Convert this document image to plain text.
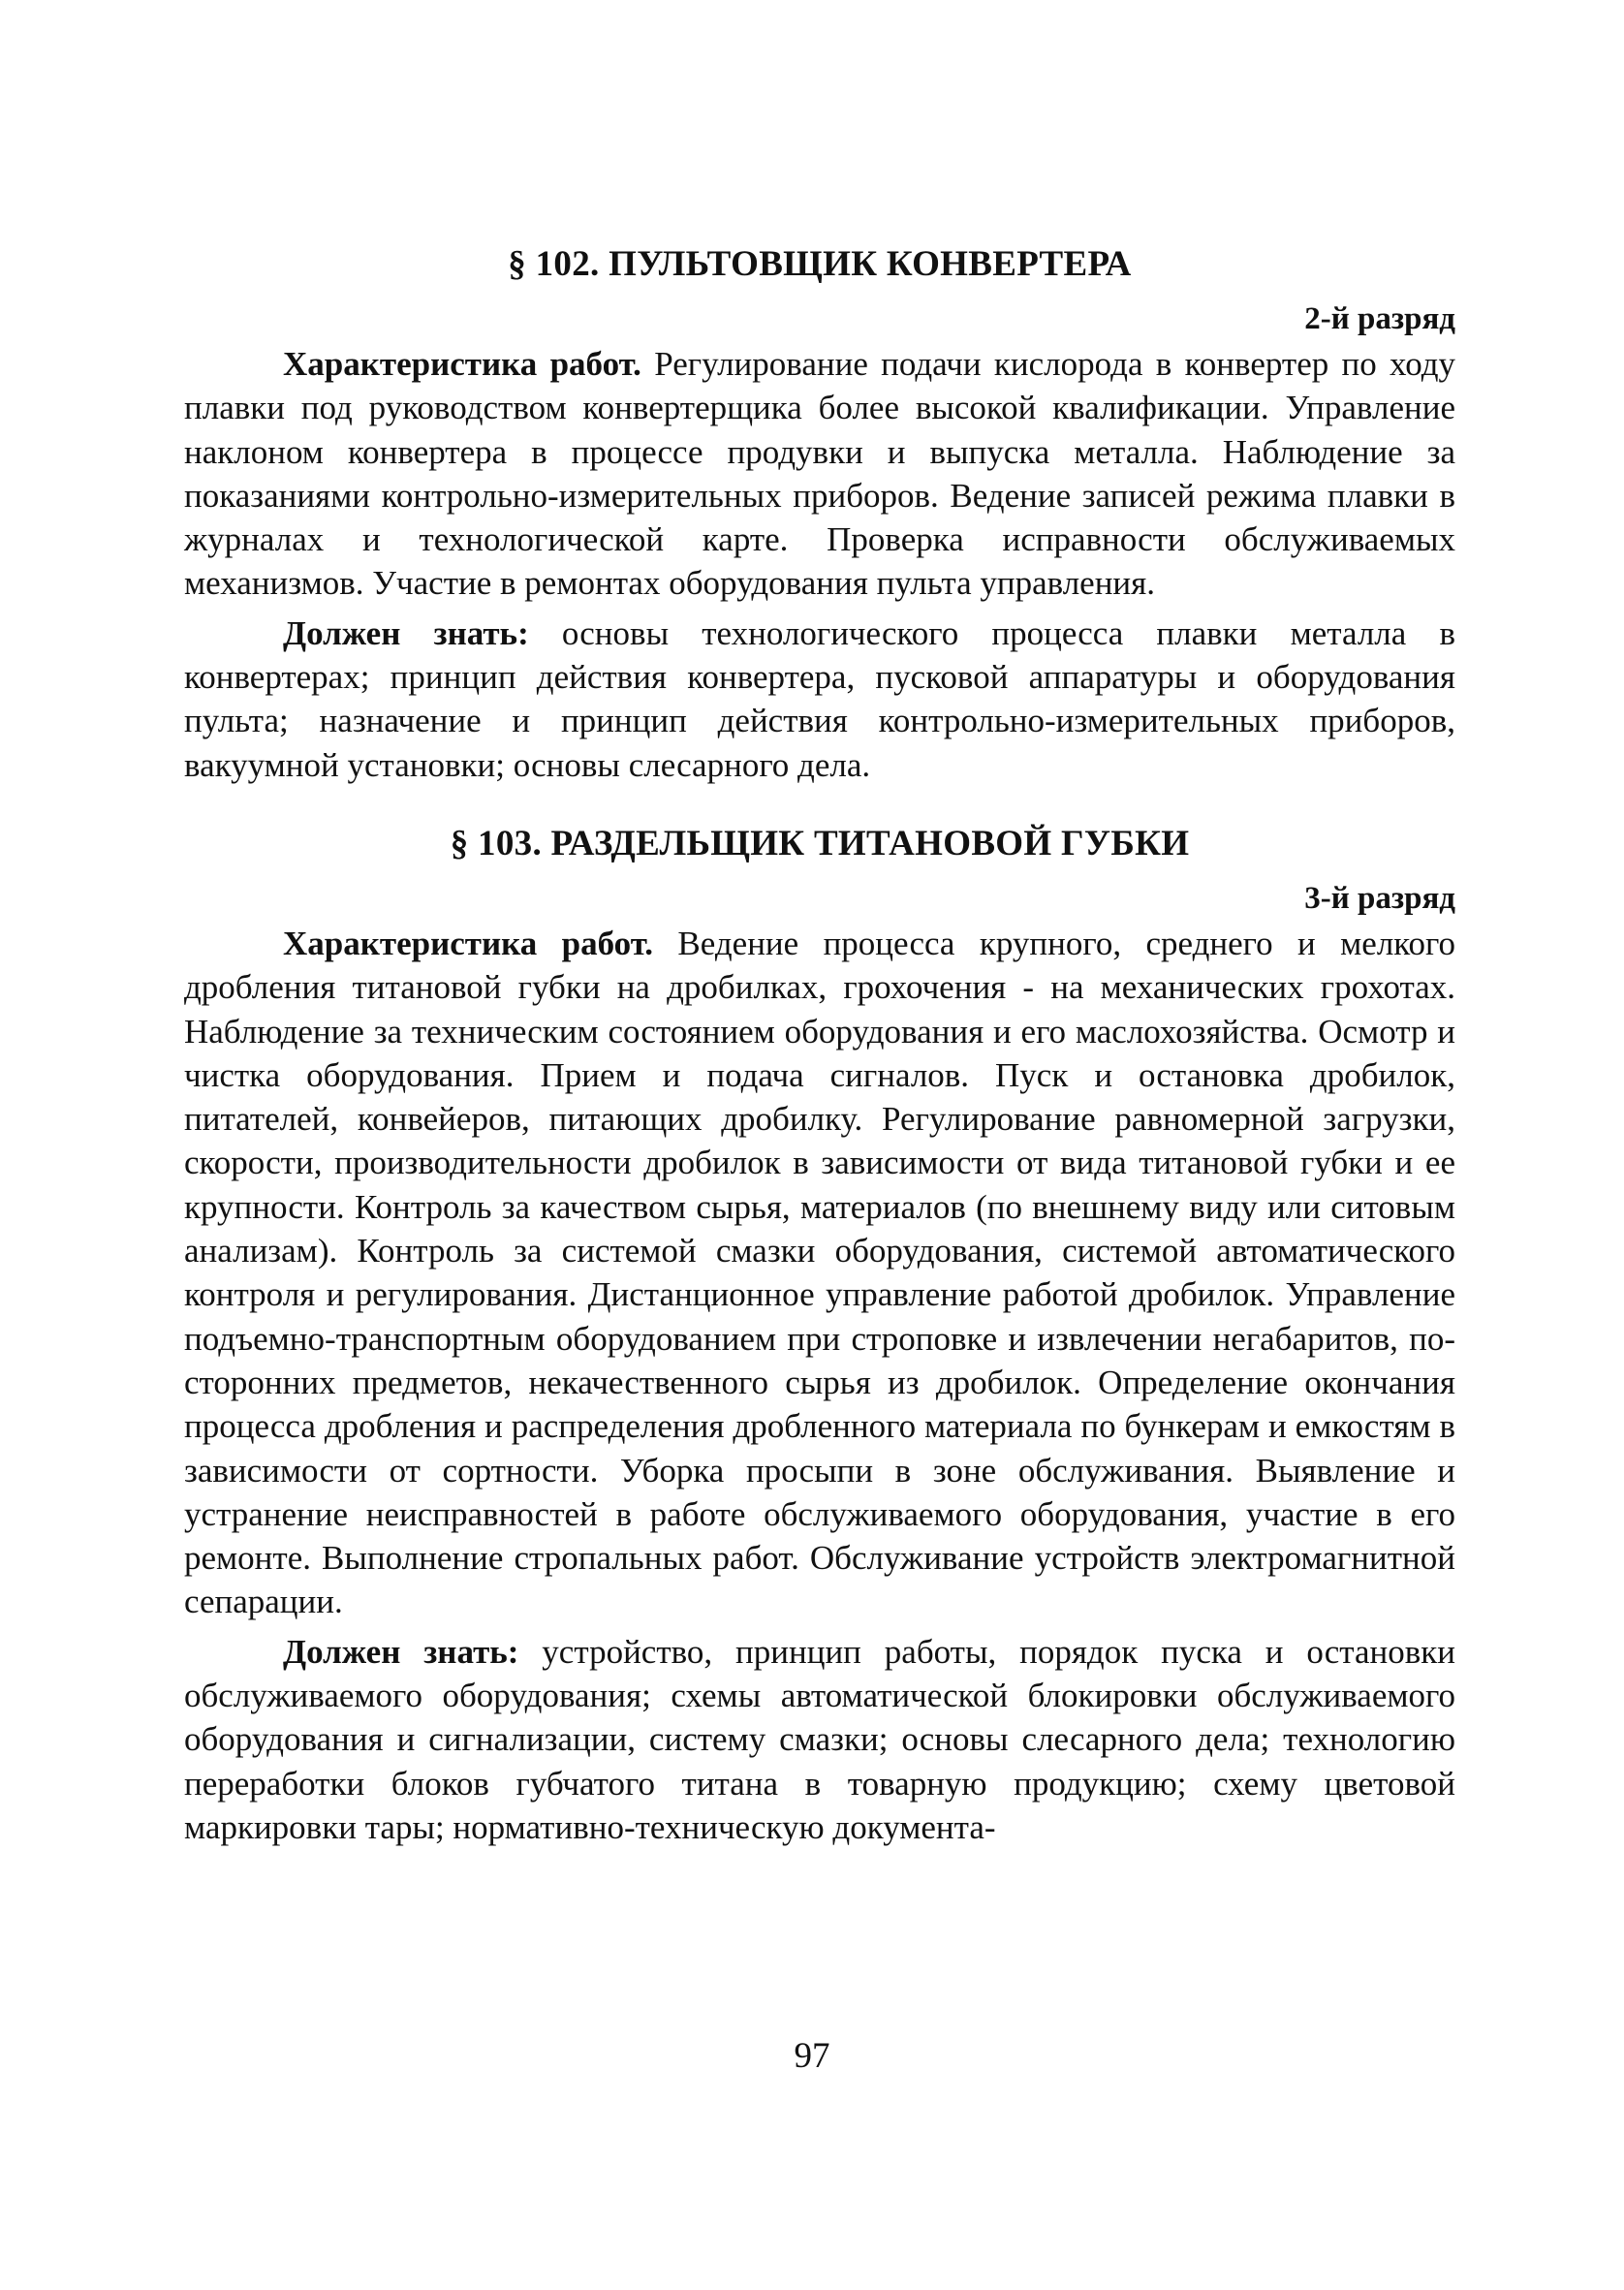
§ 102. ПУЛЬТОВЩИК КОНВЕРТЕРА

2-й разряд

Характеристика работ. Регулирование подачи кислорода в конвертер по ходу плавки под руководством конвертерщика более высокой квалификации. Управление наклоном конвертера в процессе продувки и выпуска металла. Наблюдение за показаниями контрольно-измерительных приборов. Ведение записей режима плавки в журналах и технологической карте. Проверка исправности обслуживаемых механизмов. Участие в ремонтах оборудования пульта управления.

Должен знать: основы технологического процесса плавки металла в конвертерах; принцип действия конвертера, пусковой аппаратуры и оборудования пульта; назначение и принцип действия контрольно-измерительных приборов, вакуумной установки; основы слесарного дела.

§ 103. РАЗДЕЛЬЩИК ТИТАНОВОЙ ГУБКИ

3-й разряд

Характеристика работ. Ведение процесса крупного, среднего и мелкого дробления титановой губки на дробилках, грохочения - на механических грохотах. Наблюдение за техническим состоянием оборудования и его маслохозяйства. Осмотр и чистка оборудования. Прием и подача сигналов. Пуск и остановка дробилок, питателей, конвейеров, питающих дробилку. Регулирование равномерной загрузки, скорости, производительности дробилок в зависимости от вида титановой губки и ее крупности. Контроль за качеством сырья, материалов (по внешнему виду или ситовым анализам). Контроль за системой смазки оборудования, системой автоматического контроля и регулирования. Дистанционное управление работой дробилок. Управление подъемно-транспортным оборудованием при строповке и извлечении негабаритов, посторонних предметов, некачественного сырья из дробилок. Определение окончания процесса дробления и распределения дробленного материала по бункерам и емкостям в зависимости от сортности. Уборка просыпи в зоне обслуживания. Выявление и устранение неисправностей в работе обслуживаемого оборудования, участие в его ремонте. Выполнение стропальных работ. Обслуживание устройств электромагнитной сепарации.

Должен знать: устройство, принцип работы, порядок пуска и остановки обслуживаемого оборудования; схемы автоматической блокировки обслуживаемого оборудования и сигнализации, систему смазки; основы слесарного дела; технологию переработки блоков губчатого титана в товарную продукцию; схему цветовой маркировки тары; нормативно-техническую документа-

97
